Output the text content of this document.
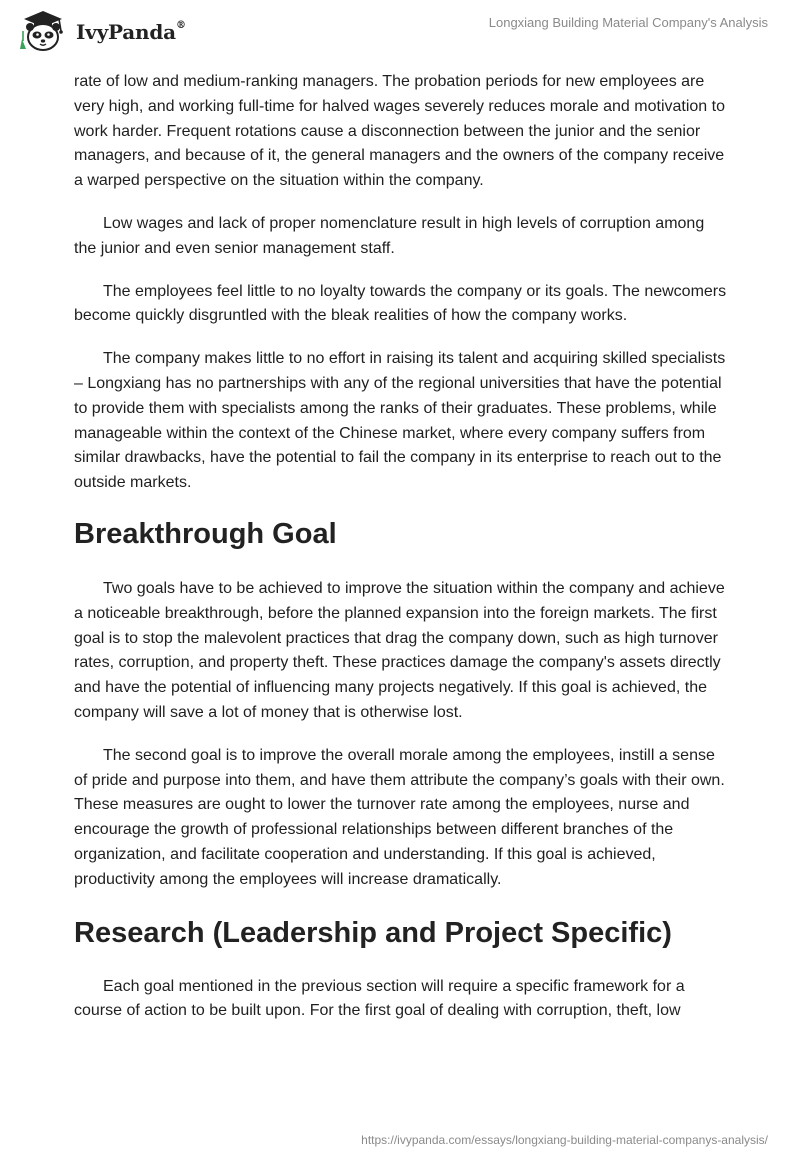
IvyPanda®	Longxiang Building Material Company's Analysis

rate of low and medium-ranking managers. The probation periods for new employees are very high, and working full-time for halved wages severely reduces morale and motivation to work harder. Frequent rotations cause a disconnection between the junior and the senior managers, and because of it, the general managers and the owners of the company receive a warped perspective on the situation within the company.

Low wages and lack of proper nomenclature result in high levels of corruption among the junior and even senior management staff.

The employees feel little to no loyalty towards the company or its goals. The newcomers become quickly disgruntled with the bleak realities of how the company works.

The company makes little to no effort in raising its talent and acquiring skilled specialists – Longxiang has no partnerships with any of the regional universities that have the potential to provide them with specialists among the ranks of their graduates. These problems, while manageable within the context of the Chinese market, where every company suffers from similar drawbacks, have the potential to fail the company in its enterprise to reach out to the outside markets.

Breakthrough Goal

Two goals have to be achieved to improve the situation within the company and achieve a noticeable breakthrough, before the planned expansion into the foreign markets. The first goal is to stop the malevolent practices that drag the company down, such as high turnover rates, corruption, and property theft. These practices damage the company's assets directly and have the potential of influencing many projects negatively. If this goal is achieved, the company will save a lot of money that is otherwise lost.

The second goal is to improve the overall morale among the employees, instill a sense of pride and purpose into them, and have them attribute the company’s goals with their own. These measures are ought to lower the turnover rate among the employees, nurse and encourage the growth of professional relationships between different branches of the organization, and facilitate cooperation and understanding. If this goal is achieved, productivity among the employees will increase dramatically.

Research (Leadership and Project Specific)

Each goal mentioned in the previous section will require a specific framework for a course of action to be built upon. For the first goal of dealing with corruption, theft, low

https://ivypanda.com/essays/longxiang-building-material-companys-analysis/
